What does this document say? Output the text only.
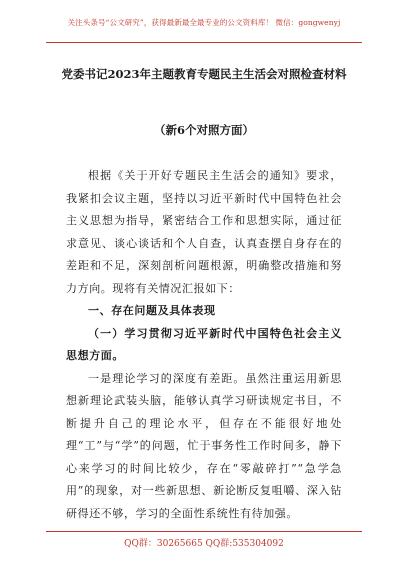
关注头条号“公文研究”，获得最新最全最专业的公文资料库！ 微信：gongwenyj
党委书记2023年主题教育专题民主生活会对照检查材料
（新6个对照方面）

根据《关于开好专题民主生活会的通知》要求，我紧扣会议主题，坚持以习近平新时代中国特色社会主义思想为指导，紧密结合工作和思想实际，通过征求意见、谈心谈话和个人自查，认真查摆自身存在的差距和不足，深刻剖析问题根源，明确整改措施和努力方向。现将有关情况汇报如下：

一、存在问题及具体表现

（一）学习贯彻习近平新时代中国特色社会主义思想方面。

一是理论学习的深度有差距。虽然注重运用新思想新理论武装头脑，能够认真学习研读规定书目，不断提升自己的理论水平，但存在不能很好地处理“工”与“学”的问题，忙于事务性工作时间多，静下心来学习的时间比较少，存在“零敲碎打”“急学急用”的现象，对一些新思想、新论断反复咀嚼、深入钻研得还不够，学习的全面性系统性有待加强。

QQ群：30265665 QQ群:535304092
